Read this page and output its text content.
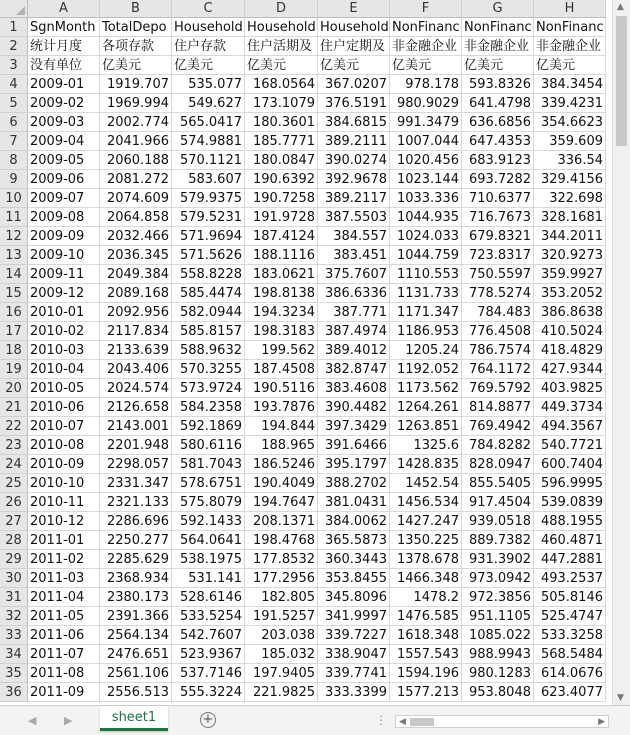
A	B	C	D	E	F	G	H
1 SgnMonth TotalDepo Household Household Household NonFinanc NonFinanc NonFinanc
2 统计月度	各项存款	住户存款	住户活期及 住户定期及 非金融企业 非金融企业 非金融企业
3 没有单位	亿美元	亿美元	亿美元	亿美元	亿美元	亿美元	亿美元
4 2009-01	1919.707	535.077 168.0564 367.0207	978.178 593.8326 384.3454
5 2009-02	1969.994	549.627 173.1079 376.5191 980.9029 641.4798 339.4231
6 2009-03	2002.774 565.0417 180.3601 384.6815 991.3479 636.6856 354.6623
7 2009-04	2041.966 574.9881 185.7771 389.2111 1007.044 647.4353	359.609
8 2009-05	2060.188 570.1121 180.0847 390.0274 1020.456 683.9123	336.54
9 2009-06	2081.272	583.607 190.6392 392.9678 1023.144 693.7282 329.4156
10 2009-07	2074.609 579.9375 190.7258 389.2117 1033.336 710.6377	322.698
11 2009-08	2064.858 579.5231 191.9728 387.5503 1044.935 716.7673 328.1681
12 2009-09	2032.466 571.9694 187.4124	384.557 1024.033 679.8321 344.2011
13 2009-10	2036.345 571.5626 188.1116	383.451 1044.759 723.8317 320.9273
14 2009-11	2049.384 558.8228 183.0621 375.7607 1110.553 750.5597 359.9927
15 2009-12	2089.168 585.4474 198.8138 386.6336 1131.733 778.5274 353.2052
16 2010-01	2092.956 582.0944 194.3234	387.771 1171.347	784.483 386.8638
17 2010-02	2117.834 585.8157 198.3183 387.4974 1186.953 776.4508 410.5024
18 2010-03	2133.639 588.9632	199.562 389.4012	1205.24 786.7574 418.4829
19 2010-04	2043.406 570.3255 187.4508 382.8747 1192.052 764.1172 427.9344
20 2010-05	2024.574 573.9724 190.5116 383.4608 1173.562 769.5792 403.9825
21 2010-06	2126.658 584.2358 193.7876 390.4482 1264.261 814.8877 449.3734
22 2010-07	2143.001 592.1869	194.844 397.3429 1263.851 769.4942 494.3567
23 2010-08	2201.948 580.6116	188.965 391.6466	1325.6 784.8282 540.7721
24 2010-09	2298.057 581.7043 186.5246 395.1797 1428.835 828.0947 600.7404
25 2010-10	2331.347 578.6751 190.4049 388.2702	1452.54 855.5405 596.9995
26 2010-11	2321.133 575.8079 194.7647 381.0431 1456.534 917.4504 539.0839
27 2010-12	2286.696 592.1433 208.1371 384.0062 1427.247 939.0518 488.1955
28 2011-01	2250.277 564.0641 198.4768 365.5873 1350.225 889.7382 460.4871
29 2011-02	2285.629 538.1975 177.8532 360.3443 1378.678 931.3902 447.2881
30 2011-03	2368.934	531.141 177.2956 353.8455 1466.348 973.0942 493.2537
31 2011-04	2380.173 528.6146	182.805 345.8096	1478.2 972.3856 505.8146
32 2011-05	2391.366 533.5254 191.5257 341.9997 1476.585 951.1105 525.4747
33 2011-06	2564.134 542.7607	203.038 339.7227 1618.348 1085.022 533.3258
34 2011-07	2476.651 523.9367	185.032 338.9047 1557.543 988.9943 568.5484
35 2011-08	2561.106 537.7146 197.9405 339.7741 1594.196 980.1283 614.0676
36 2011-09	2556.513 555.3224 221.9825 333.3399 1577.213 953.8048 623.4077
▲
▼
◀	▶	sheet1	+	⋮ ◀	▶
